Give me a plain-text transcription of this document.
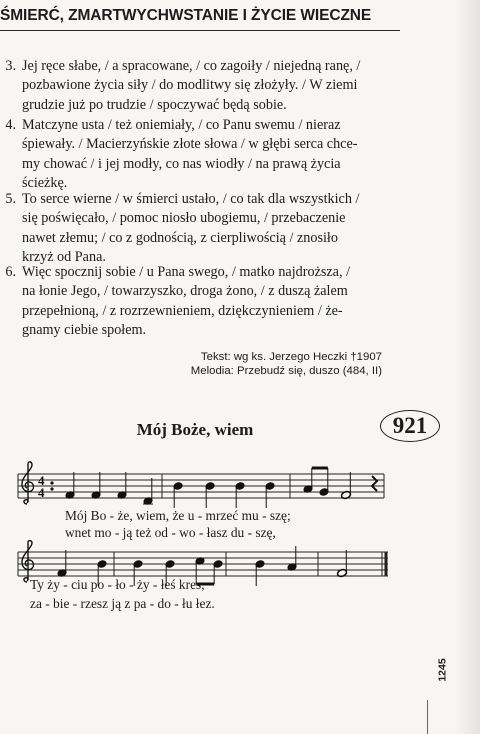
ŚMIERĆ, ZMARTWYCHWSTANIE I ŻYCIE WIECZNE
3. Jej ręce słabe, / a spracowane, / co zagoiły / niejedną ranę, /
pozbawione życia siły / do modlitwy się złożyły. / W ziemi
grudzie już po trudzie / spoczywać będą sobie.
4. Matczyne usta / też oniemiały, / co Panu swemu / nieraz
śpiewały. / Macierzyńskie złote słowa / w głębi serca chce-
my chować / i jej modły, co nas wiodły / na prawą życia
ścieżkę.
5. To serce wierne / w śmierci ustało, / co tak dla wszystkich /
się poświęcało, / pomoc niosło ubogiemu, / przebaczenie
nawet złemu; / co z godnością, z cierpliwością / znosiło
krzyż od Pana.
6. Więc spocznij sobie / u Pana swego, / matko najdroższa, /
na łonie Jego, / towarzyszko, droga żono, / z duszą żalem
przepełnioną, / z rozrzewnieniem, dziękczynieniem / że-
gnamy ciebie społem.
Tekst: wg ks. Jerzego Heczki †1907
Melodia: Przebudź się, duszo (484, II)
Mój Boże, wiem	921
4
4
Mój Bo - że, wiem, że u - mrzeć mu - szę;
wnet mo - ją też od - wo - łasz du - szę,
Ty ży - ciu po - ło - ży - łeś kres,
za - bie - rzesz ją z pa - do - łu łez.
1245
